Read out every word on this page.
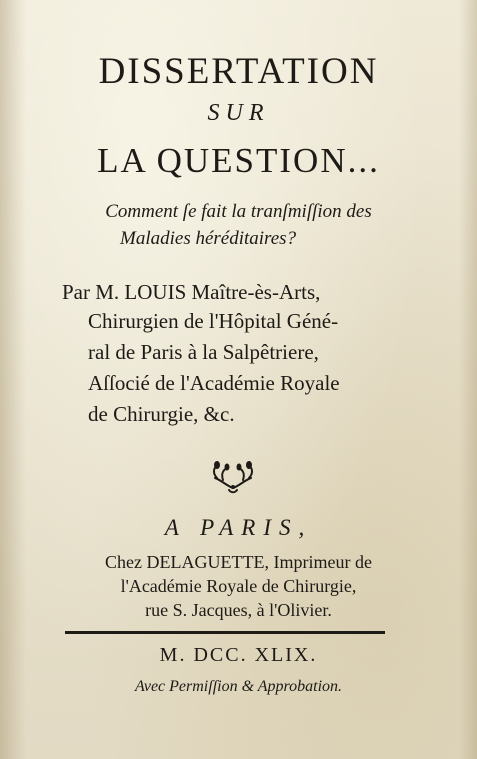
DISSERTATION
SUR
LA QUESTION...
Comment ſe fait la tranſmiſſion des
Maladies héréditaires?
Par M. LOUIS Maître-ès-Arts,
Chirurgien de l'Hôpital Géné-
ral de Paris à la Salpêtriere,
Aſſocié de l'Académie Royale
de Chirurgie, &c.
A PARIS,
Chez DELAGUETTE, Imprimeur de
l'Académie Royale de Chirurgie,
rue S. Jacques, à l'Olivier.
M. DCC. XLIX.
Avec Permiſſion & Approbation.
